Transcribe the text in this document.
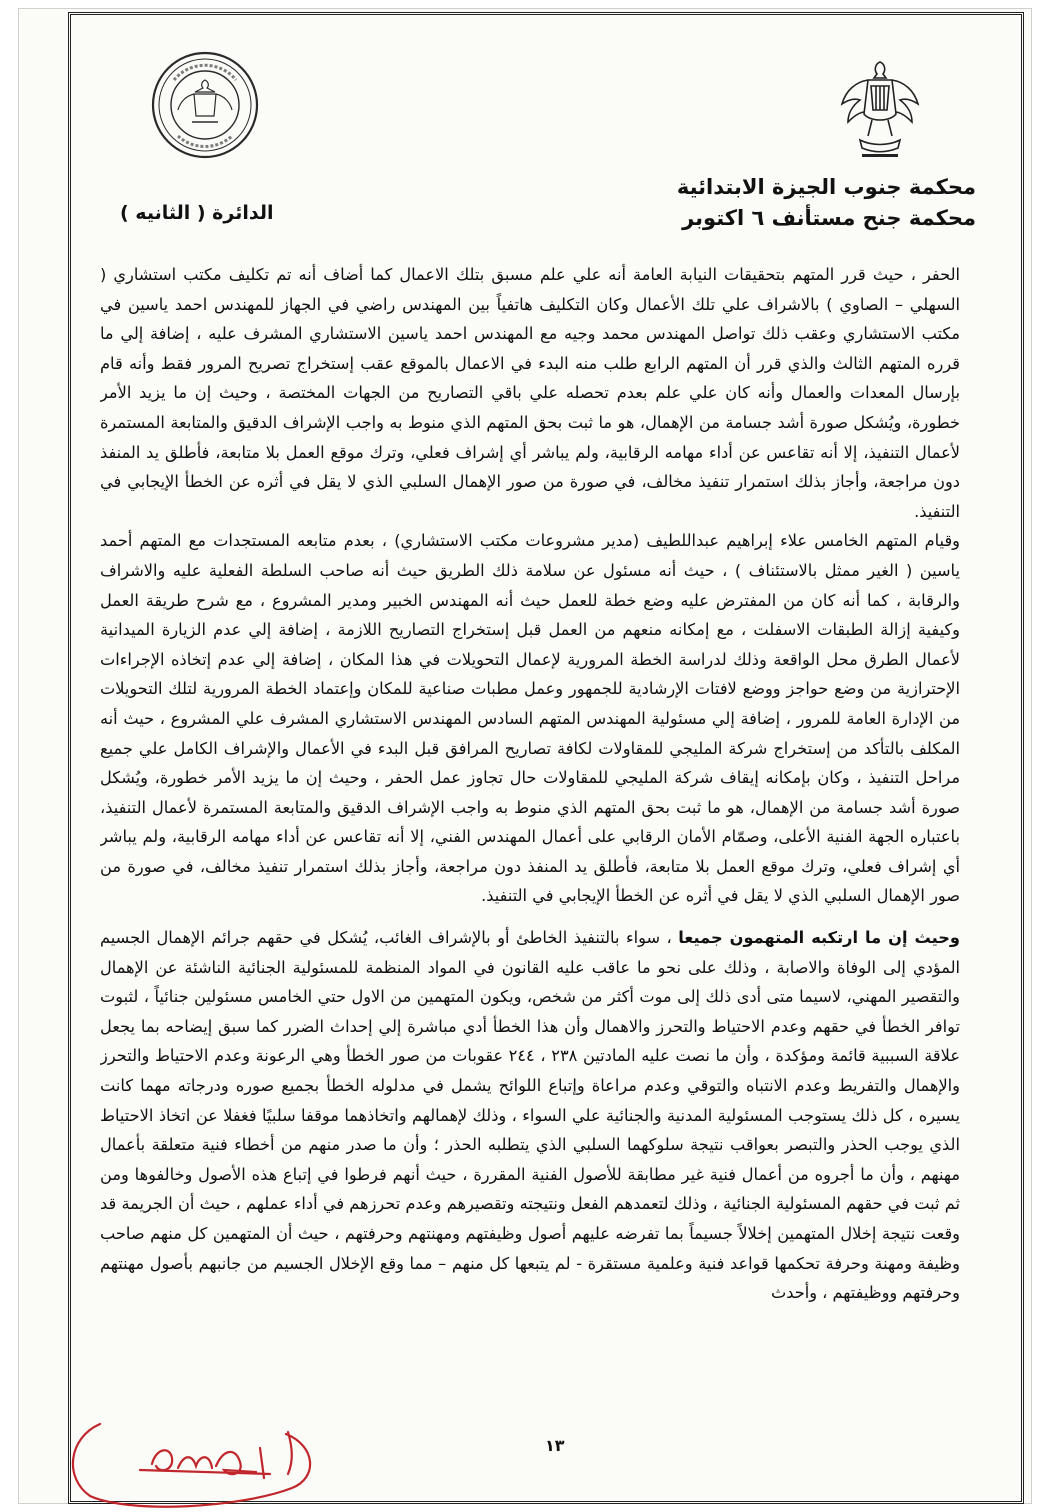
محكمة جنوب الجيزة الابتدائية
محكمة جنح مستأنف ٦ اكتوبر
الدائرة ( الثانيه )

الحفر ، حيث قرر المتهم بتحقيقات النيابة العامة أنه علي علم مسبق بتلك الاعمال كما أضاف أنه تم تكليف مكتب استشاري ( السهلي – الصاوي ) بالاشراف علي تلك الأعمال وكان التكليف هاتفياً بين المهندس راضي في الجهاز للمهندس احمد ياسين في مكتب الاستشاري وعقب ذلك تواصل المهندس محمد وجيه مع المهندس احمد ياسين الاستشاري المشرف عليه ، إضافة إلي ما قرره المتهم الثالث والذي قرر أن المتهم الرابع طلب منه البدء في الاعمال بالموقع عقب إستخراج تصريح المرور فقط وأنه قام بإرسال المعدات والعمال وأنه كان علي علم بعدم تحصله علي باقي التصاريح من الجهات المختصة ، وحيث إن ما يزيد الأمر خطورة، ويُشكل صورة أشد جسامة من الإهمال، هو ما ثبت بحق المتهم الذي منوط به واجب الإشراف الدقيق والمتابعة المستمرة لأعمال التنفيذ، إلا أنه تقاعس عن أداء مهامه الرقابية، ولم يباشر أي إشراف فعلي، وترك موقع العمل بلا متابعة، فأطلق يد المنفذ دون مراجعة، وأجاز بذلك استمرار تنفيذ مخالف، في صورة من صور الإهمال السلبي الذي لا يقل في أثره عن الخطأ الإيجابي في التنفيذ.

وقيام المتهم الخامس علاء إبراهيم عبداللطيف (مدير مشروعات مكتب الاستشاري) ، بعدم متابعه المستجدات مع المتهم أحمد ياسين ( الغير ممثل بالاستئناف ) ، حيث أنه مسئول عن سلامة ذلك الطريق حيث أنه صاحب السلطة الفعلية عليه والاشراف والرقابة ، كما أنه كان من المفترض عليه وضع خطة للعمل حيث أنه المهندس الخبير ومدير المشروع ، مع شرح طريقة العمل وكيفية إزالة الطبقات الاسفلت ، مع إمكانه منعهم من العمل قبل إستخراج التصاريح اللازمة ، إضافة إلي عدم الزيارة الميدانية لأعمال الطرق محل الواقعة وذلك لدراسة الخطة المرورية لإعمال التحويلات في هذا المكان ، إضافة إلي عدم إتخاذه الإجراءات الإحترازية من وضع حواجز ووضع لافتات الإرشادية للجمهور وعمل مطبات صناعية للمكان وإعتماد الخطة المرورية لتلك التحويلات من الإدارة العامة للمرور ، إضافة إلي مسئولية المهندس المتهم السادس المهندس الاستشاري المشرف علي المشروع ، حيث أنه المكلف بالتأكد من إستخراج شركة المليجي للمقاولات لكافة تصاريح المرافق قبل البدء في الأعمال والإشراف الكامل علي جميع مراحل التنفيذ ، وكان بإمكانه إيقاف شركة المليجي للمقاولات حال تجاوز عمل الحفر ، وحيث إن ما يزيد الأمر خطورة، ويُشكل صورة أشد جسامة من الإهمال، هو ما ثبت بحق المتهم الذي منوط به واجب الإشراف الدقيق والمتابعة المستمرة لأعمال التنفيذ، باعتباره الجهة الفنية الأعلى، وصمّام الأمان الرقابي على أعمال المهندس الفني، إلا أنه تقاعس عن أداء مهامه الرقابية، ولم يباشر أي إشراف فعلي، وترك موقع العمل بلا متابعة، فأطلق يد المنفذ دون مراجعة، وأجاز بذلك استمرار تنفيذ مخالف، في صورة من صور الإهمال السلبي الذي لا يقل في أثره عن الخطأ الإيجابي في التنفيذ.

وحيث إن ما ارتكبه المتهمون جميعا ، سواء بالتنفيذ الخاطئ أو بالإشراف الغائب، يُشكل في حقهم جرائم الإهمال الجسيم المؤدي إلى الوفاة والاصابة ، وذلك على نحو ما عاقب عليه القانون في المواد المنظمة للمسئولية الجنائية الناشئة عن الإهمال والتقصير المهني، لاسيما متى أدى ذلك إلى موت أكثر من شخص، ويكون المتهمين من الاول حتي الخامس مسئولين جنائياً ، لثبوت توافر الخطأ في حقهم وعدم الاحتياط والتحرز والاهمال وأن هذا الخطأ أدي مباشرة إلي إحداث الضرر كما سبق إيضاحه بما يجعل علاقة السببية قائمة ومؤكدة ، وأن ما نصت عليه المادتين ٢٣٨ ، ٢٤٤ عقوبات من صور الخطأ وهي الرعونة وعدم الاحتياط والتحرز والإهمال والتفريط وعدم الانتباه والتوقي وعدم مراعاة وإتباع اللوائح يشمل في مدلوله الخطأ بجميع صوره ودرجاته مهما كانت يسيره ، كل ذلك يستوجب المسئولية المدنية والجنائية علي السواء ، وذلك لإهمالهم واتخاذهما موقفا سلبيًا فغفلا عن اتخاذ الاحتياط الذي يوجب الحذر والتبصر بعواقب نتيجة سلوكهما السلبي الذي يتطلبه الحذر ؛ وأن ما صدر منهم من أخطاء فنية متعلقة بأعمال مهنهم ، وأن ما أجروه من أعمال فنية غير مطابقة للأصول الفنية المقررة ، حيث أنهم فرطوا في إتباع هذه الأصول وخالفوها ومن ثم ثبت في حقهم المسئولية الجنائية ، وذلك لتعمدهم الفعل ونتيجته وتقصيرهم وعدم تحرزهم في أداء عملهم ، حيث أن الجريمة قد وقعت نتيجة إخلال المتهمين إخلالاً جسيماً بما تفرضه عليهم أصول وظيفتهم ومهنتهم وحرفتهم ، حيث أن المتهمين كل منهم صاحب وظيفة ومهنة وحرفة تحكمها قواعد فنية وعلمية مستقرة - لم يتبعها كل منهم – مما وقع الإخلال الجسيم من جانبهم بأصول مهنتهم وحرفتهم ووظيفتهم ، وأحدث

١٣
